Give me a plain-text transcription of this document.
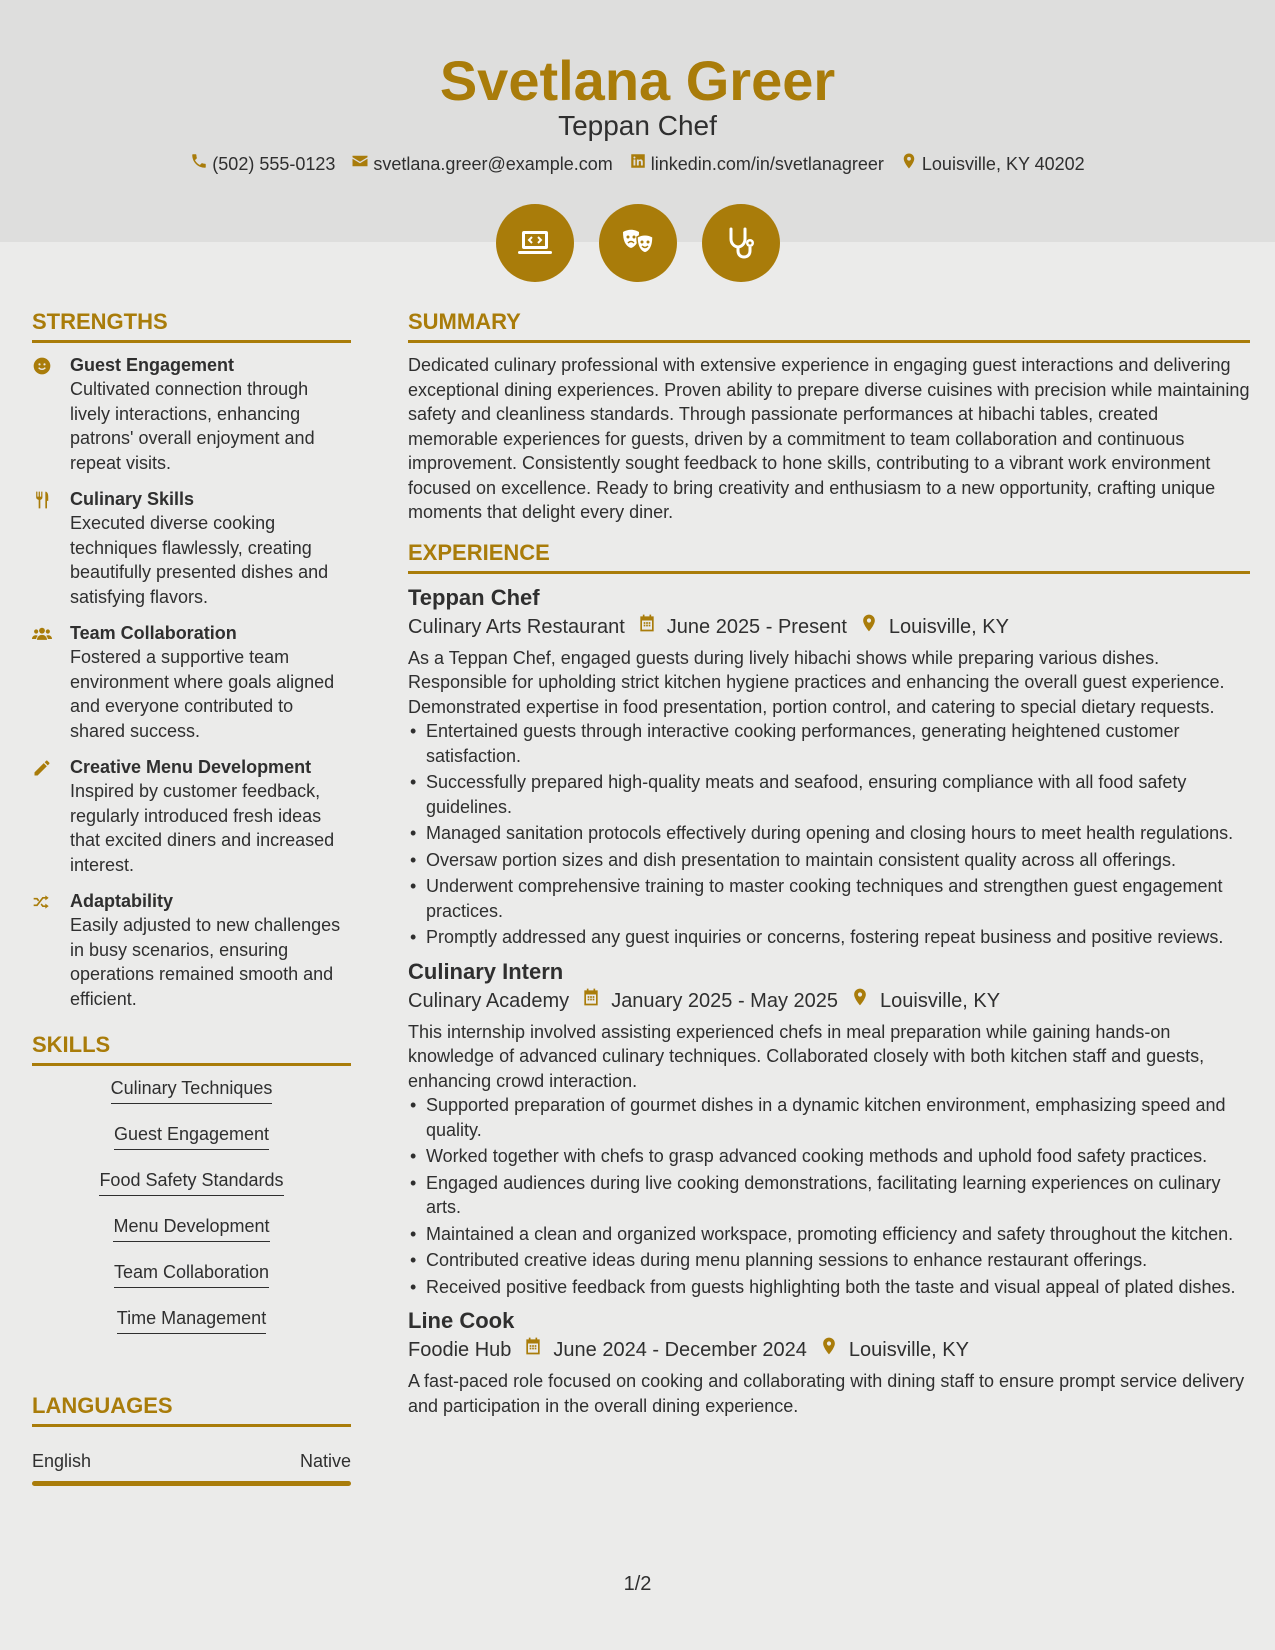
Svetlana Greer
Teppan Chef
(502) 555-0123 svetlana.greer@example.com linkedin.com/in/svetlanagreer Louisville, KY 40202
STRENGTHS
Guest Engagement
Cultivated connection through lively interactions, enhancing patrons' overall enjoyment and repeat visits.
Culinary Skills
Executed diverse cooking techniques flawlessly, creating beautifully presented dishes and satisfying flavors.
Team Collaboration
Fostered a supportive team environment where goals aligned and everyone contributed to shared success.
Creative Menu Development
Inspired by customer feedback, regularly introduced fresh ideas that excited diners and increased interest.
Adaptability
Easily adjusted to new challenges in busy scenarios, ensuring operations remained smooth and efficient.
SKILLS
Culinary Techniques
Guest Engagement
Food Safety Standards
Menu Development
Team Collaboration
Time Management
LANGUAGES
English	Native
SUMMARY

Dedicated culinary professional with extensive experience in engaging guest interactions and delivering exceptional dining experiences. Proven ability to prepare diverse cuisines with precision while maintaining safety and cleanliness standards. Through passionate performances at hibachi tables, created memorable experiences for guests, driven by a commitment to team collaboration and continuous improvement. Consistently sought feedback to hone skills, contributing to a vibrant work environment focused on excellence. Ready to bring creativity and enthusiasm to a new opportunity, crafting unique moments that delight every diner.

EXPERIENCE
Teppan Chef
Culinary Arts Restaurant June 2025 - Present Louisville, KY

As a Teppan Chef, engaged guests during lively hibachi shows while preparing various dishes. Responsible for upholding strict kitchen hygiene practices and enhancing the overall guest experience. Demonstrated expertise in food presentation, portion control, and catering to special dietary requests.

• Entertained guests through interactive cooking performances, generating heightened customer satisfaction.
• Successfully prepared high-quality meats and seafood, ensuring compliance with all food safety guidelines.
• Managed sanitation protocols effectively during opening and closing hours to meet health regulations.
• Oversaw portion sizes and dish presentation to maintain consistent quality across all offerings.
• Underwent comprehensive training to master cooking techniques and strengthen guest engagement practices.
• Promptly addressed any guest inquiries or concerns, fostering repeat business and positive reviews.
Culinary Intern
Culinary Academy January 2025 - May 2025 Louisville, KY

This internship involved assisting experienced chefs in meal preparation while gaining hands-on knowledge of advanced culinary techniques. Collaborated closely with both kitchen staff and guests, enhancing crowd interaction.

• Supported preparation of gourmet dishes in a dynamic kitchen environment, emphasizing speed and quality.
• Worked together with chefs to grasp advanced cooking methods and uphold food safety practices.
• Engaged audiences during live cooking demonstrations, facilitating learning experiences on culinary arts.
• Maintained a clean and organized workspace, promoting efficiency and safety throughout the kitchen.
• Contributed creative ideas during menu planning sessions to enhance restaurant offerings.
• Received positive feedback from guests highlighting both the taste and visual appeal of plated dishes.
Line Cook
Foodie Hub June 2024 - December 2024 Louisville, KY

A fast-paced role focused on cooking and collaborating with dining staff to ensure prompt service delivery and participation in the overall dining experience.

1/2
